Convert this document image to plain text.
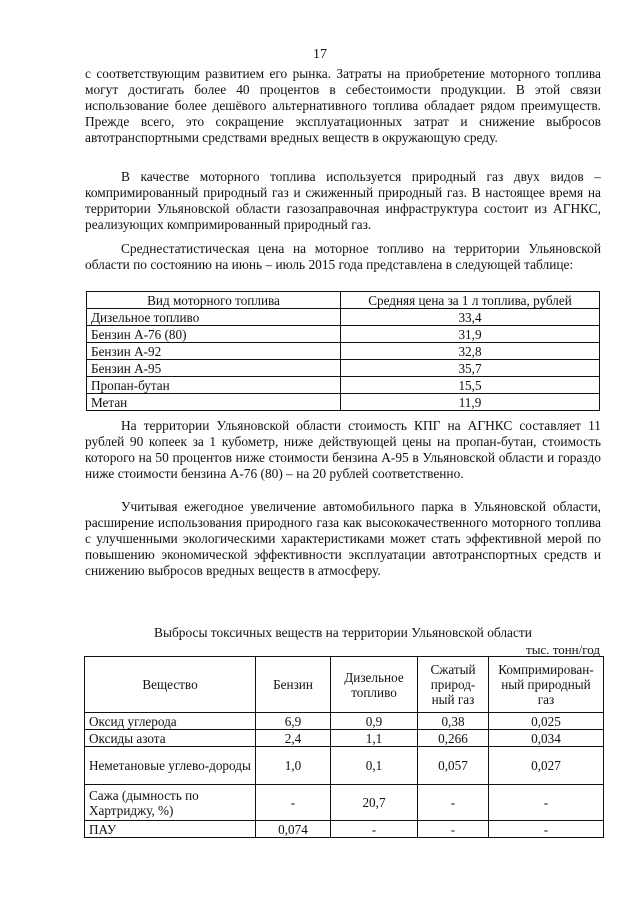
17

с соответствующим развитием его рынка. Затраты на приобретение моторного топлива могут достигать более 40 процентов в себестоимости продукции. В этой связи использование более дешёвого альтернативного топлива обладает рядом преимуществ. Прежде всего, это сокращение эксплуатационных затрат и снижение выбросов автотранспортными средствами вредных веществ в окружающую среду.

В качестве моторного топлива используется природный газ двух видов – компримированный природный газ и сжиженный природный газ. В настоящее время на территории Ульяновской области газозаправочная инфраструктура состоит из АГНКС, реализующих компримированный природный газ.

Среднестатистическая цена на моторное топливо на территории Ульяновской области по состоянию на июнь – июль 2015 года представлена в следующей таблице:

Вид моторного топлива	Средняя цена за 1 л топлива, рублей
Дизельное топливо	33,4
Бензин А-76 (80)	31,9
Бензин А-92	32,8
Бензин А-95	35,7
Пропан-бутан	15,5
Метан	11,9

На территории Ульяновской области стоимость КПГ на АГНКС составляет 11 рублей 90 копеек за 1 кубометр, ниже действующей цены на пропан-бутан, стоимость которого на 50 процентов ниже стоимости бензина А-95 в Ульяновской области и гораздо ниже стоимости бензина А-76 (80) – на 20 рублей соответственно.

Учитывая ежегодное увеличение автомобильного парка в Ульяновской области, расширение использования природного газа как высококачественного моторного топлива с улучшенными экологическими характеристиками может стать эффективной мерой по повышению экономической эффективности эксплуатации автотранспортных средств и снижению выбросов вредных веществ в атмосферу.

Выбросы токсичных веществ на территории Ульяновской области
тыс. тонн/год
Вещество	Бензин	Дизельное топливо	Сжатый природ-ный газ	Компримирован-ный природный газ
Оксид углерода	6,9	0,9	0,38	0,025
Оксиды азота	2,4	1,1	0,266	0,034
Неметановые углево-дороды	1,0	0,1	0,057	0,027
Сажа (дымность по Хартриджу, %)	-	20,7	-	-
ПАУ	0,074	-	-	-
